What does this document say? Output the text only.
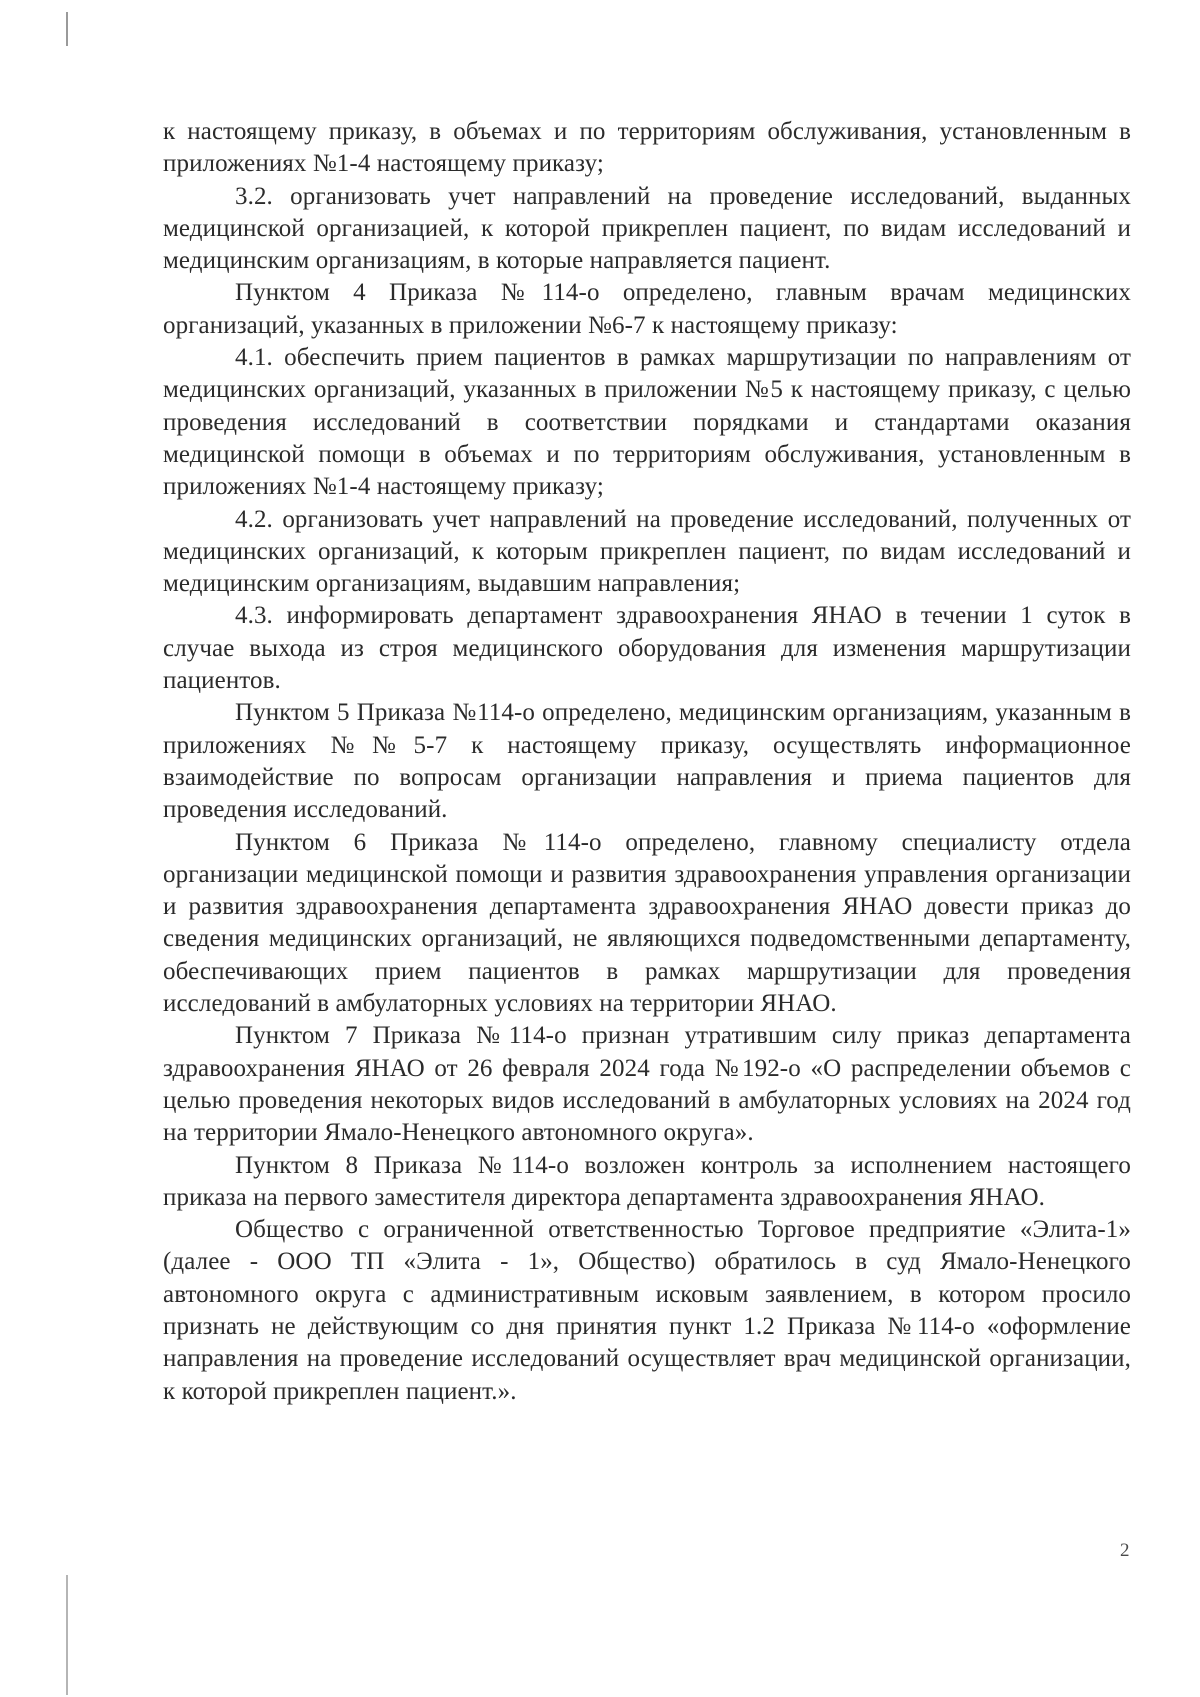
к настоящему приказу, в объемах и по территориям обслуживания, установленным в приложениях №1-4 настоящему приказу;

3.2. организовать учет направлений на проведение исследований, выданных медицинской организацией, к которой прикреплен пациент, по видам исследований и медицинским организациям, в которые направляется пациент.

Пунктом 4 Приказа №114-о определено, главным врачам медицинских организаций, указанных в приложении №6-7 к настоящему приказу:

4.1. обеспечить прием пациентов в рамках маршрутизации по направлениям от медицинских организаций, указанных в приложении №5 к настоящему приказу, с целью проведения исследований в соответствии порядками и стандартами оказания медицинской помощи в объемах и по территориям обслуживания, установленным в приложениях №1-4 настоящему приказу;

4.2. организовать учет направлений на проведение исследований, полученных от медицинских организаций, к которым прикреплен пациент, по видам исследований и медицинским организациям, выдавшим направления;

4.3. информировать департамент здравоохранения ЯНАО в течении 1 суток в случае выхода из строя медицинского оборудования для изменения маршрутизации пациентов.

Пунктом 5 Приказа №114-о определено, медицинским организациям, указанным в приложениях №№5-7 к настоящему приказу, осуществлять информационное взаимодействие по вопросам организации направления и приема пациентов для проведения исследований.

Пунктом 6 Приказа №114-о определено, главному специалисту отдела организации медицинской помощи и развития здравоохранения управления организации и развития здравоохранения департамента здравоохранения ЯНАО довести приказ до сведения медицинских организаций, не являющихся подведомственными департаменту, обеспечивающих прием пациентов в рамках маршрутизации для проведения исследований в амбулаторных условиях на территории ЯНАО.

Пунктом 7 Приказа №114-о признан утратившим силу приказ департамента здравоохранения ЯНАО от 26 февраля 2024 года №192-о «О распределении объемов с целью проведения некоторых видов исследований в амбулаторных условиях на 2024 год на территории Ямало-Ненецкого автономного округа».

Пунктом 8 Приказа №114-о возложен контроль за исполнением настоящего приказа на первого заместителя директора департамента здравоохранения ЯНАО.

Общество с ограниченной ответственностью Торговое предприятие «Элита-1» (далее - ООО ТП «Элита - 1», Общество) обратилось в суд Ямало-Ненецкого автономного округа с административным исковым заявлением, в котором просило признать не действующим со дня принятия пункт 1.2 Приказа №114-о «оформление направления на проведение исследований осуществляет врач медицинской организации, к которой прикреплен пациент.».

2
